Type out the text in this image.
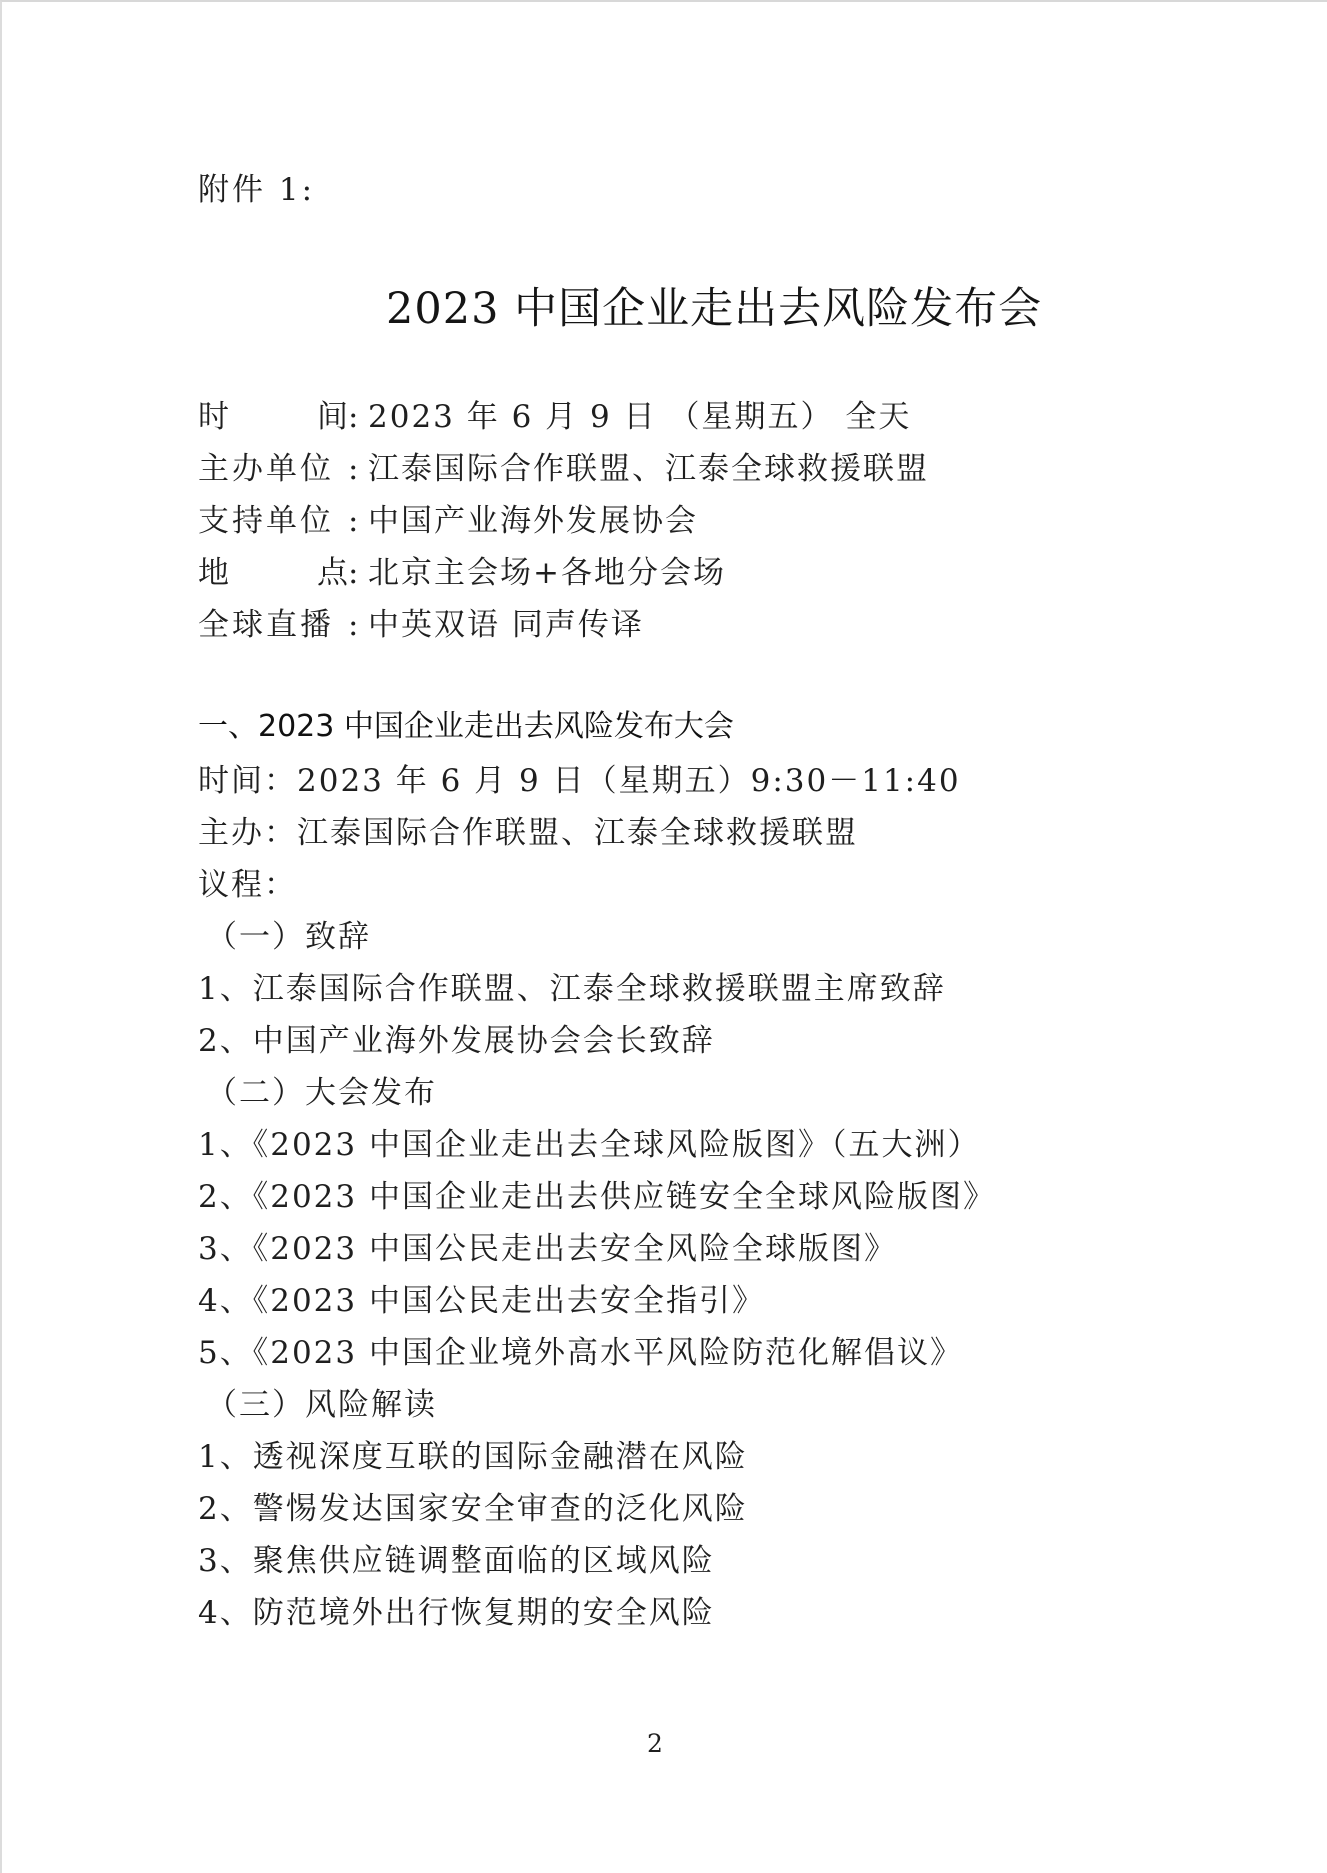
附件 1:
2023 中国企业走出去风险发布会
时间: 2023 年 6 月 9 日 （星期五） 全天
主办单位 : 江泰国际合作联盟、江泰全球救援联盟
支持单位 : 中国产业海外发展协会
地点: 北京主会场+各地分会场
全球直播 : 中英双语 同声传译
一、2023 中国企业走出去风险发布大会
时间：2023 年 6 月 9 日（星期五）9:30－11:40
主办：江泰国际合作联盟、江泰全球救援联盟
议程：
（一）致辞
1、江泰国际合作联盟、江泰全球救援联盟主席致辞
2、中国产业海外发展协会会长致辞
（二）大会发布
1、《2023 中国企业走出去全球风险版图》（五大洲）
2、《2023 中国企业走出去供应链安全全球风险版图》
3、《2023 中国公民走出去安全风险全球版图》
4、《2023 中国公民走出去安全指引》
5、《2023 中国企业境外高水平风险防范化解倡议》
（三）风险解读
1、透视深度互联的国际金融潜在风险
2、警惕发达国家安全审查的泛化风险
3、聚焦供应链调整面临的区域风险
4、防范境外出行恢复期的安全风险
2
